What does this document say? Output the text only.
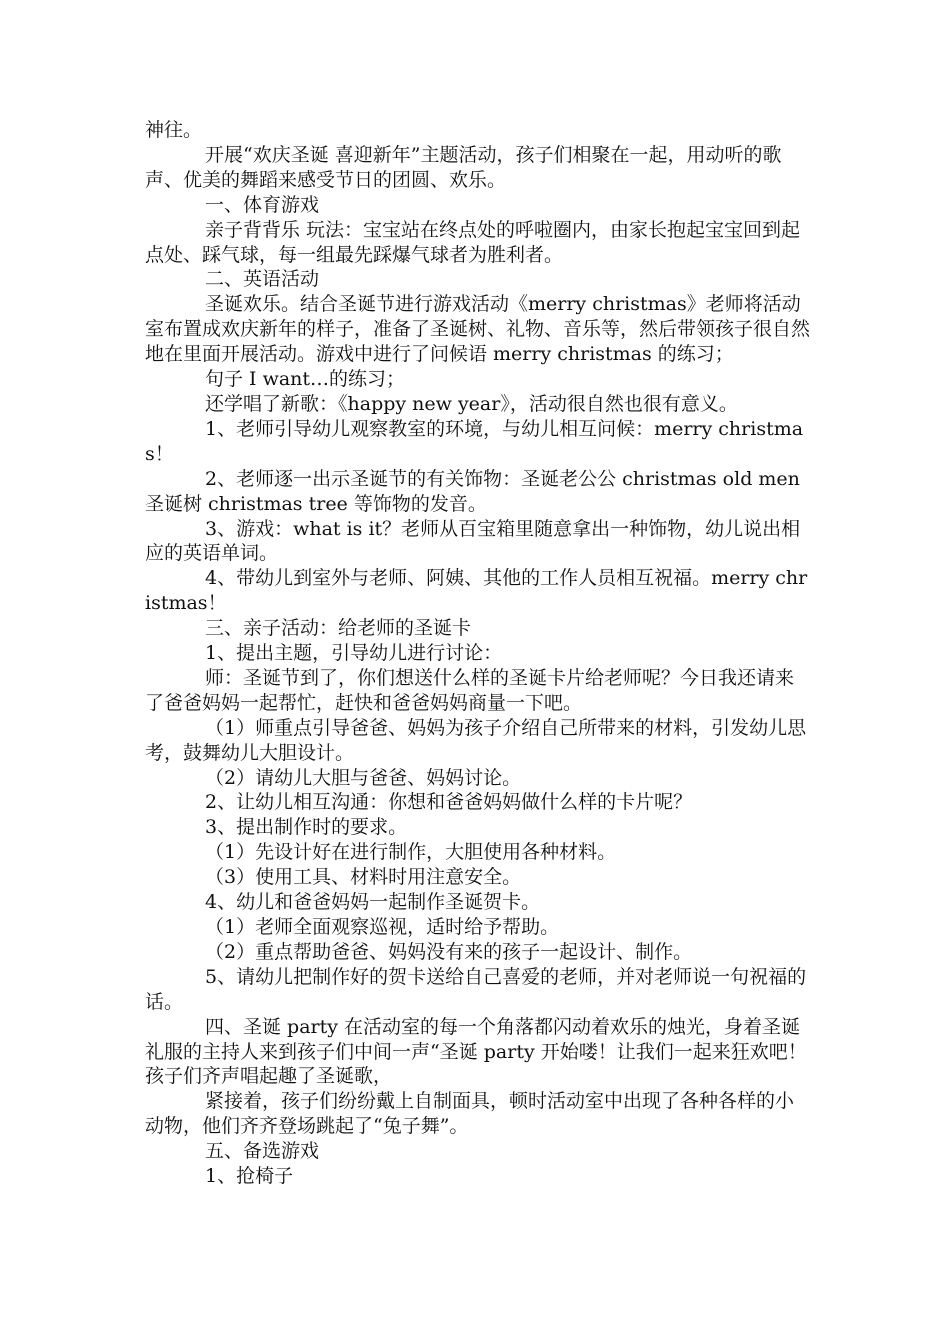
神往。

开展“欢庆圣诞 喜迎新年”主题活动，孩子们相聚在一起，用动听的歌声、优美的舞蹈来感受节日的团圆、欢乐。

一、体育游戏

亲子背背乐 玩法：宝宝站在终点处的呼啦圈内，由家长抱起宝宝回到起点处、踩气球，每一组最先踩爆气球者为胜利者。

二、英语活动

圣诞欢乐。结合圣诞节进行游戏活动《merry christmas》老师将活动室布置成欢庆新年的样子，准备了圣诞树、礼物、音乐等，然后带领孩子很自然地在里面开展活动。游戏中进行了问候语 merry christmas 的练习；

句子 I want…的练习；

还学唱了新歌：《happy new year》，活动很自然也很有意义。

1、老师引导幼儿观察教室的环境，与幼儿相互问候：merry christmas！

2、老师逐一出示圣诞节的有关饰物：圣诞老公公 christmas old men 圣诞树 christmas tree 等饰物的发音。

3、游戏：what is it？老师从百宝箱里随意拿出一种饰物，幼儿说出相应的英语单词。

4、带幼儿到室外与老师、阿姨、其他的工作人员相互祝福。merry christmas！

三、亲子活动：给老师的圣诞卡

1、提出主题，引导幼儿进行讨论：

师：圣诞节到了，你们想送什么样的圣诞卡片给老师呢？今日我还请来了爸爸妈妈一起帮忙，赶快和爸爸妈妈商量一下吧。

（1）师重点引导爸爸、妈妈为孩子介绍自己所带来的材料，引发幼儿思考，鼓舞幼儿大胆设计。

（2）请幼儿大胆与爸爸、妈妈讨论。

2、让幼儿相互沟通：你想和爸爸妈妈做什么样的卡片呢？

3、提出制作时的要求。

（1）先设计好在进行制作，大胆使用各种材料。

（3）使用工具、材料时用注意安全。

4、幼儿和爸爸妈妈一起制作圣诞贺卡。

（1）老师全面观察巡视，适时给予帮助。

（2）重点帮助爸爸、妈妈没有来的孩子一起设计、制作。

5、请幼儿把制作好的贺卡送给自己喜爱的老师，并对老师说一句祝福的话。

四、圣诞 party 在活动室的每一个角落都闪动着欢乐的烛光，身着圣诞礼服的主持人来到孩子们中间一声“圣诞 party 开始喽！让我们一起来狂欢吧！孩子们齐声唱起趣了圣诞歌，

紧接着，孩子们纷纷戴上自制面具，顿时活动室中出现了各种各样的小动物，他们齐齐登场跳起了“兔子舞”。

五、备选游戏

1、抢椅子
